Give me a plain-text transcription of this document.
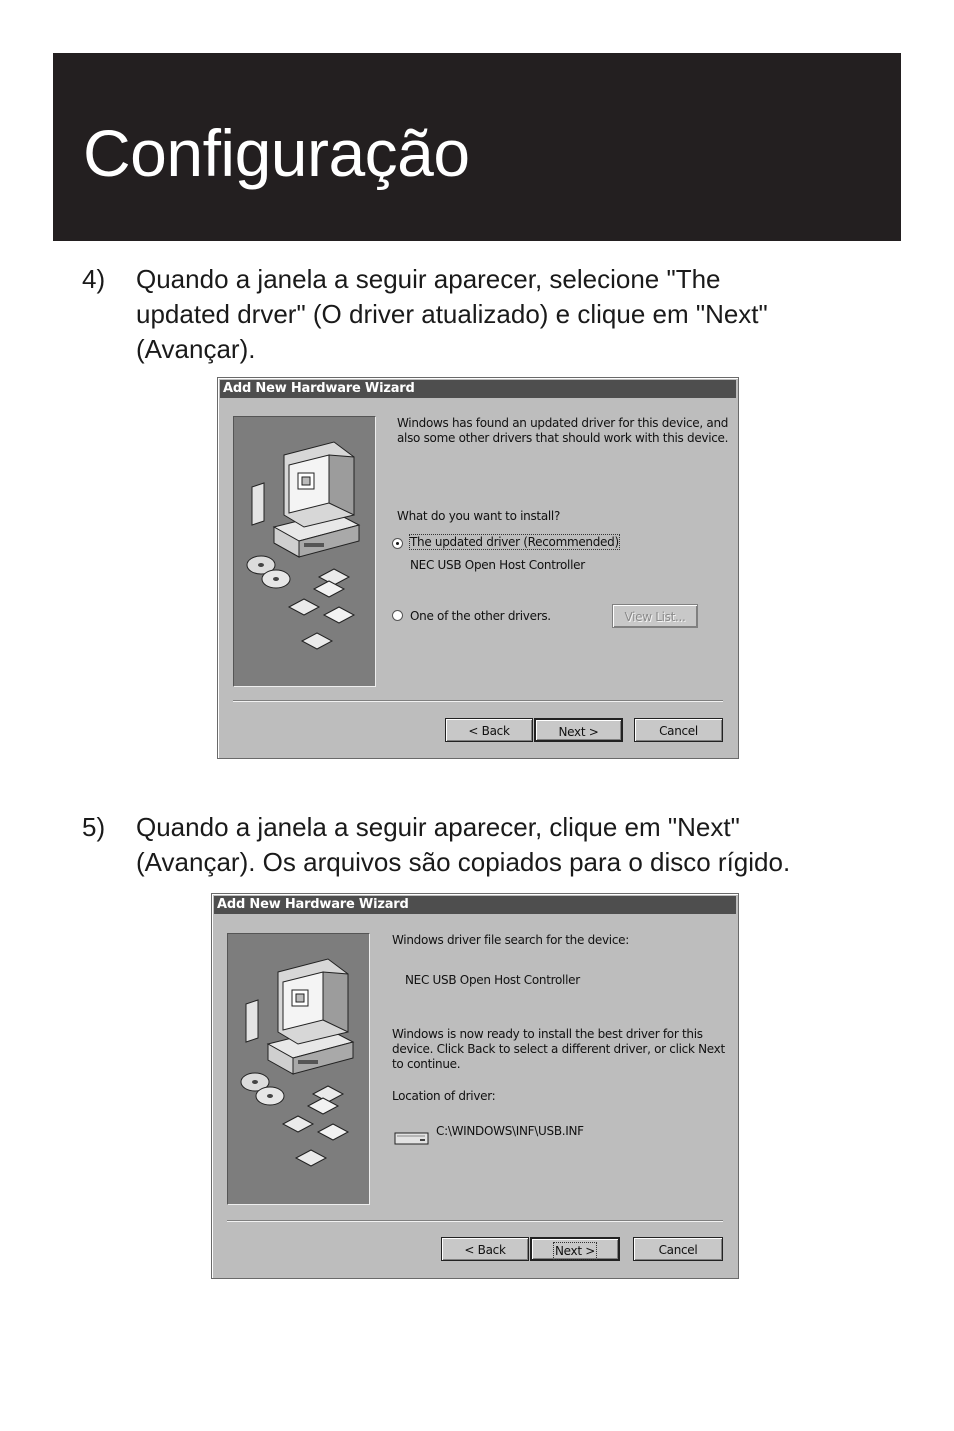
Configuração
4)	Quando a janela a seguir aparecer, selecione "The
updated drver" (O driver atualizado) e clique em "Next"
(Avançar).
Add New Hardware Wizard
Windows has found an updated driver for this device, and
also some other drivers that should work with this device.
What do you want to install?
The updated driver (Recommended)
NEC USB Open Host Controller
One of the other drivers.	View List...
< Back	Next >	Cancel
5)	Quando a janela a seguir aparecer, clique em "Next"
(Avançar). Os arquivos são copiados para o disco rígido.
Add New Hardware Wizard
Windows driver file search for the device:
NEC USB Open Host Controller
Windows is now ready to install the best driver for this
device. Click Back to select a different driver, or click Next
to continue.
Location of driver:
C:\WINDOWS\INF\USB.INF
< Back	Next >	Cancel
